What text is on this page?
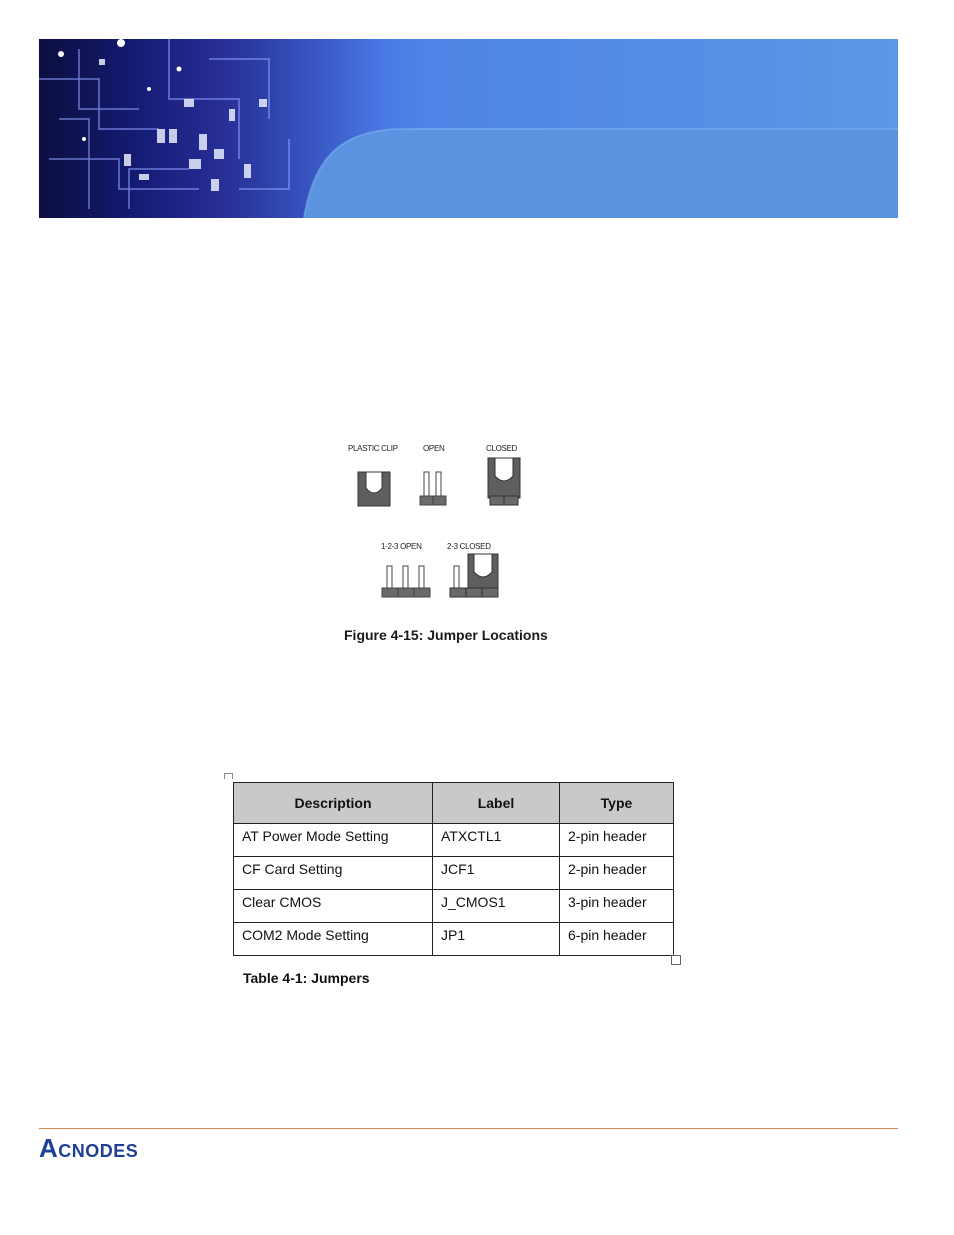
PLASTIC CLIP	OPEN	CLOSED
1-2-3 OPEN	2-3 CLOSED
Figure 4-15: Jumper Locations
Description	Label	Type
AT Power Mode Setting	ATXCTL1	2-pin header
CF Card Setting	JCF1	2-pin header
Clear CMOS	J_CMOS1	3-pin header
COM2 Mode Setting	JP1	6-pin header
Table 4-1: Jumpers
ACNODES
